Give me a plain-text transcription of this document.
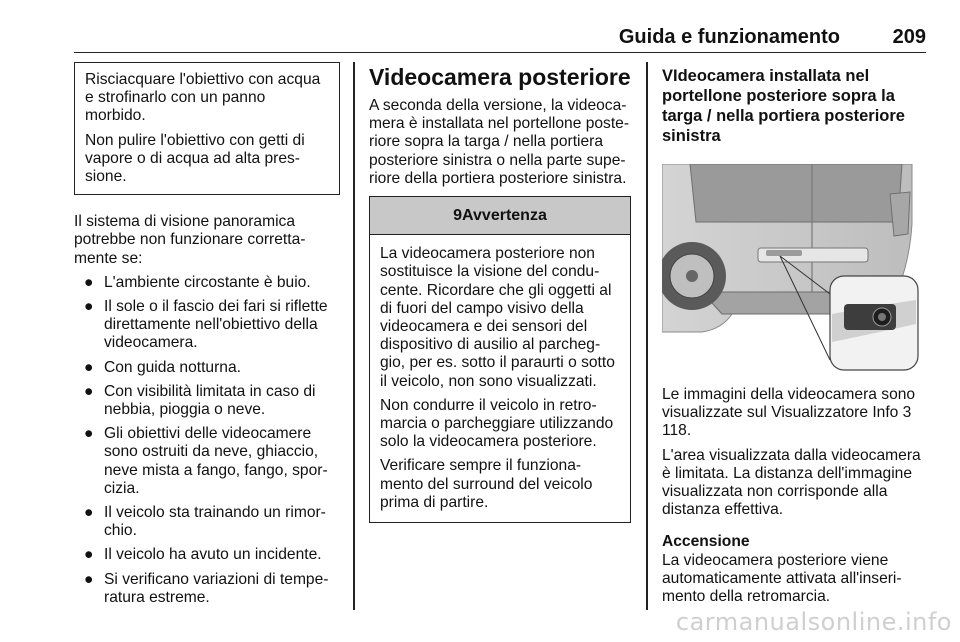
Guida e funzionamento	209

Risciacquare l'obiettivo con acqua e strofinarlo con un panno morbido.

Non pulire l'obiettivo con getti di vapore o di acqua ad alta pres-sione.

Il sistema di visione panoramica potrebbe non funzionare corretta-mente se:

● L'ambiente circostante è buio.
● Il sole o il fascio dei fari si riflette direttamente nell'obiettivo della videocamera.
● Con guida notturna.
● Con visibilità limitata in caso di nebbia, pioggia o neve.
● Gli obiettivi delle videocamere sono ostruiti da neve, ghiaccio, neve mista a fango, fango, spor-cizia.
● Il veicolo sta trainando un rimor-chio.
● Il veicolo ha avuto un incidente.
● Si verificano variazioni di tempe-ratura estreme.
Videocamera posteriore

A seconda della versione, la videoca-mera è installata nel portellone poste-riore sopra la targa / nella portiera posteriore sinistra o nella parte supe-riore della portiera posteriore sinistra.

9Avvertenza

La videocamera posteriore non sostituisce la visione del condu-cente. Ricordare che gli oggetti al di fuori del campo visivo della videocamera e dei sensori del dispositivo di ausilio al parcheg-gio, per es. sotto il paraurti o sotto il veicolo, non sono visualizzati.

Non condurre il veicolo in retro-marcia o parcheggiare utilizzando solo la videocamera posteriore.

Verificare sempre il funziona-mento del surround del veicolo prima di partire.

VIdeocamera installata nel portellone posteriore sopra la targa / nella portiera posteriore sinistra

Le immagini della videocamera sono visualizzate sul Visualizzatore Info 3 118.

L'area visualizzata dalla videocamera è limitata. La distanza dell'immagine visualizzata non corrisponde alla distanza effettiva.

Accensione

La videocamera posteriore viene automaticamente attivata all'inseri-mento della retromarcia.

carmanualsonline.info
